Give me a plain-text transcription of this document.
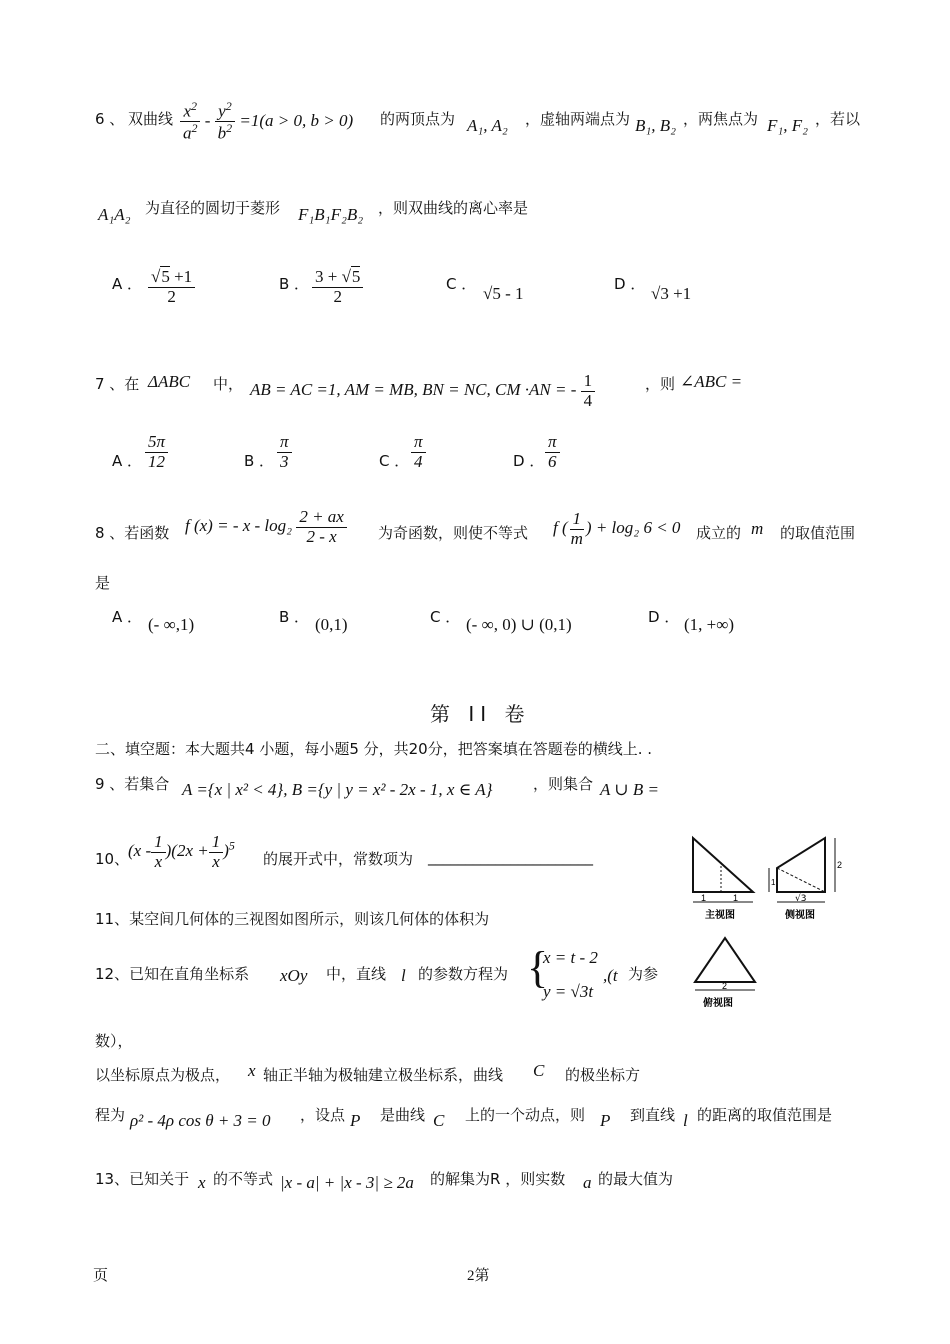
6 、 双曲线 $\frac{x^2}{a^2} - \frac{y^2}{b^2} =1(a > 0$, b > 0) 的两顶点为 A₁, A₂ ，虚轴两端点为 B₁, B₂ ，两焦点为 F₁, F₂ ，若以
A₁A₂ 为直径的圆切于菱形 F₁B₁F₂B₂ ，则双曲线的离心率是
A ． $\frac{√5 +1}{2}$	B ． $\frac{3 + √5}{2}$	C ． √5 - 1	D ． √3 +1
7 、在 ΔABC 中， AB = AC =1, AM = MB, BN = NC, CM ·AN = - $\frac{1}{4}$	，则 ∠ABC =
A ． $\frac{5\pi}{12}$	B ． $\frac{\pi}{3}$	C ． $\frac{\pi}{4}$	D ． $\frac{\pi}{6}$
8 、若函数 f (x) = - x - $\log_2 \frac{2 + ax}{2 - x}$ 为奇函数，则使不等式 f ( $\frac{1}{m}$ ) + log₂ 6 < 0 成立的 m 的取值范围
是
A ． (- ∞,1)	B ． (0,1)	C ． (- ∞, 0) ∪ (0,1)	D ． (1, +∞)
第 II 卷
二、填空题：本大题共4 小题，每小题5 分，共20分，把答案填在答题卷的横线上. .
9 、若集合 A ={x | x² < 4}, B ={y | y = x² - 2x - 1, x ∈ A}	，则集合 A ∪ B =
10、
$(x - \frac{1}{x} )(2x + \frac{1}{x} )^5$
的展开式中，常数项为 ______________________
11、某空间几何体的三视图如图所示，则该几何体的体积为
12、已知在直角坐标系 xOy 中，直线 l 的参数方程为 {
x = t - 2
y = √3t
,(t 为参
数），
以坐标原点为极点， x 轴正半轴为极轴建立极坐标系，曲线 C 的极坐标方
程为 ρ² - 4ρ cos θ + 3 = 0 ，设点 P 是曲线 C 上的一个动点，则 P 到直线 l 的距离的取值范围是
13、已知关于 x 的不等式 |x - a| + |x - 3| ≥ 2a 的解集为R ，则实数 a 的最大值为
1	1
主视图
1
2
√3
侧视图
2
俯视图
页	2第
